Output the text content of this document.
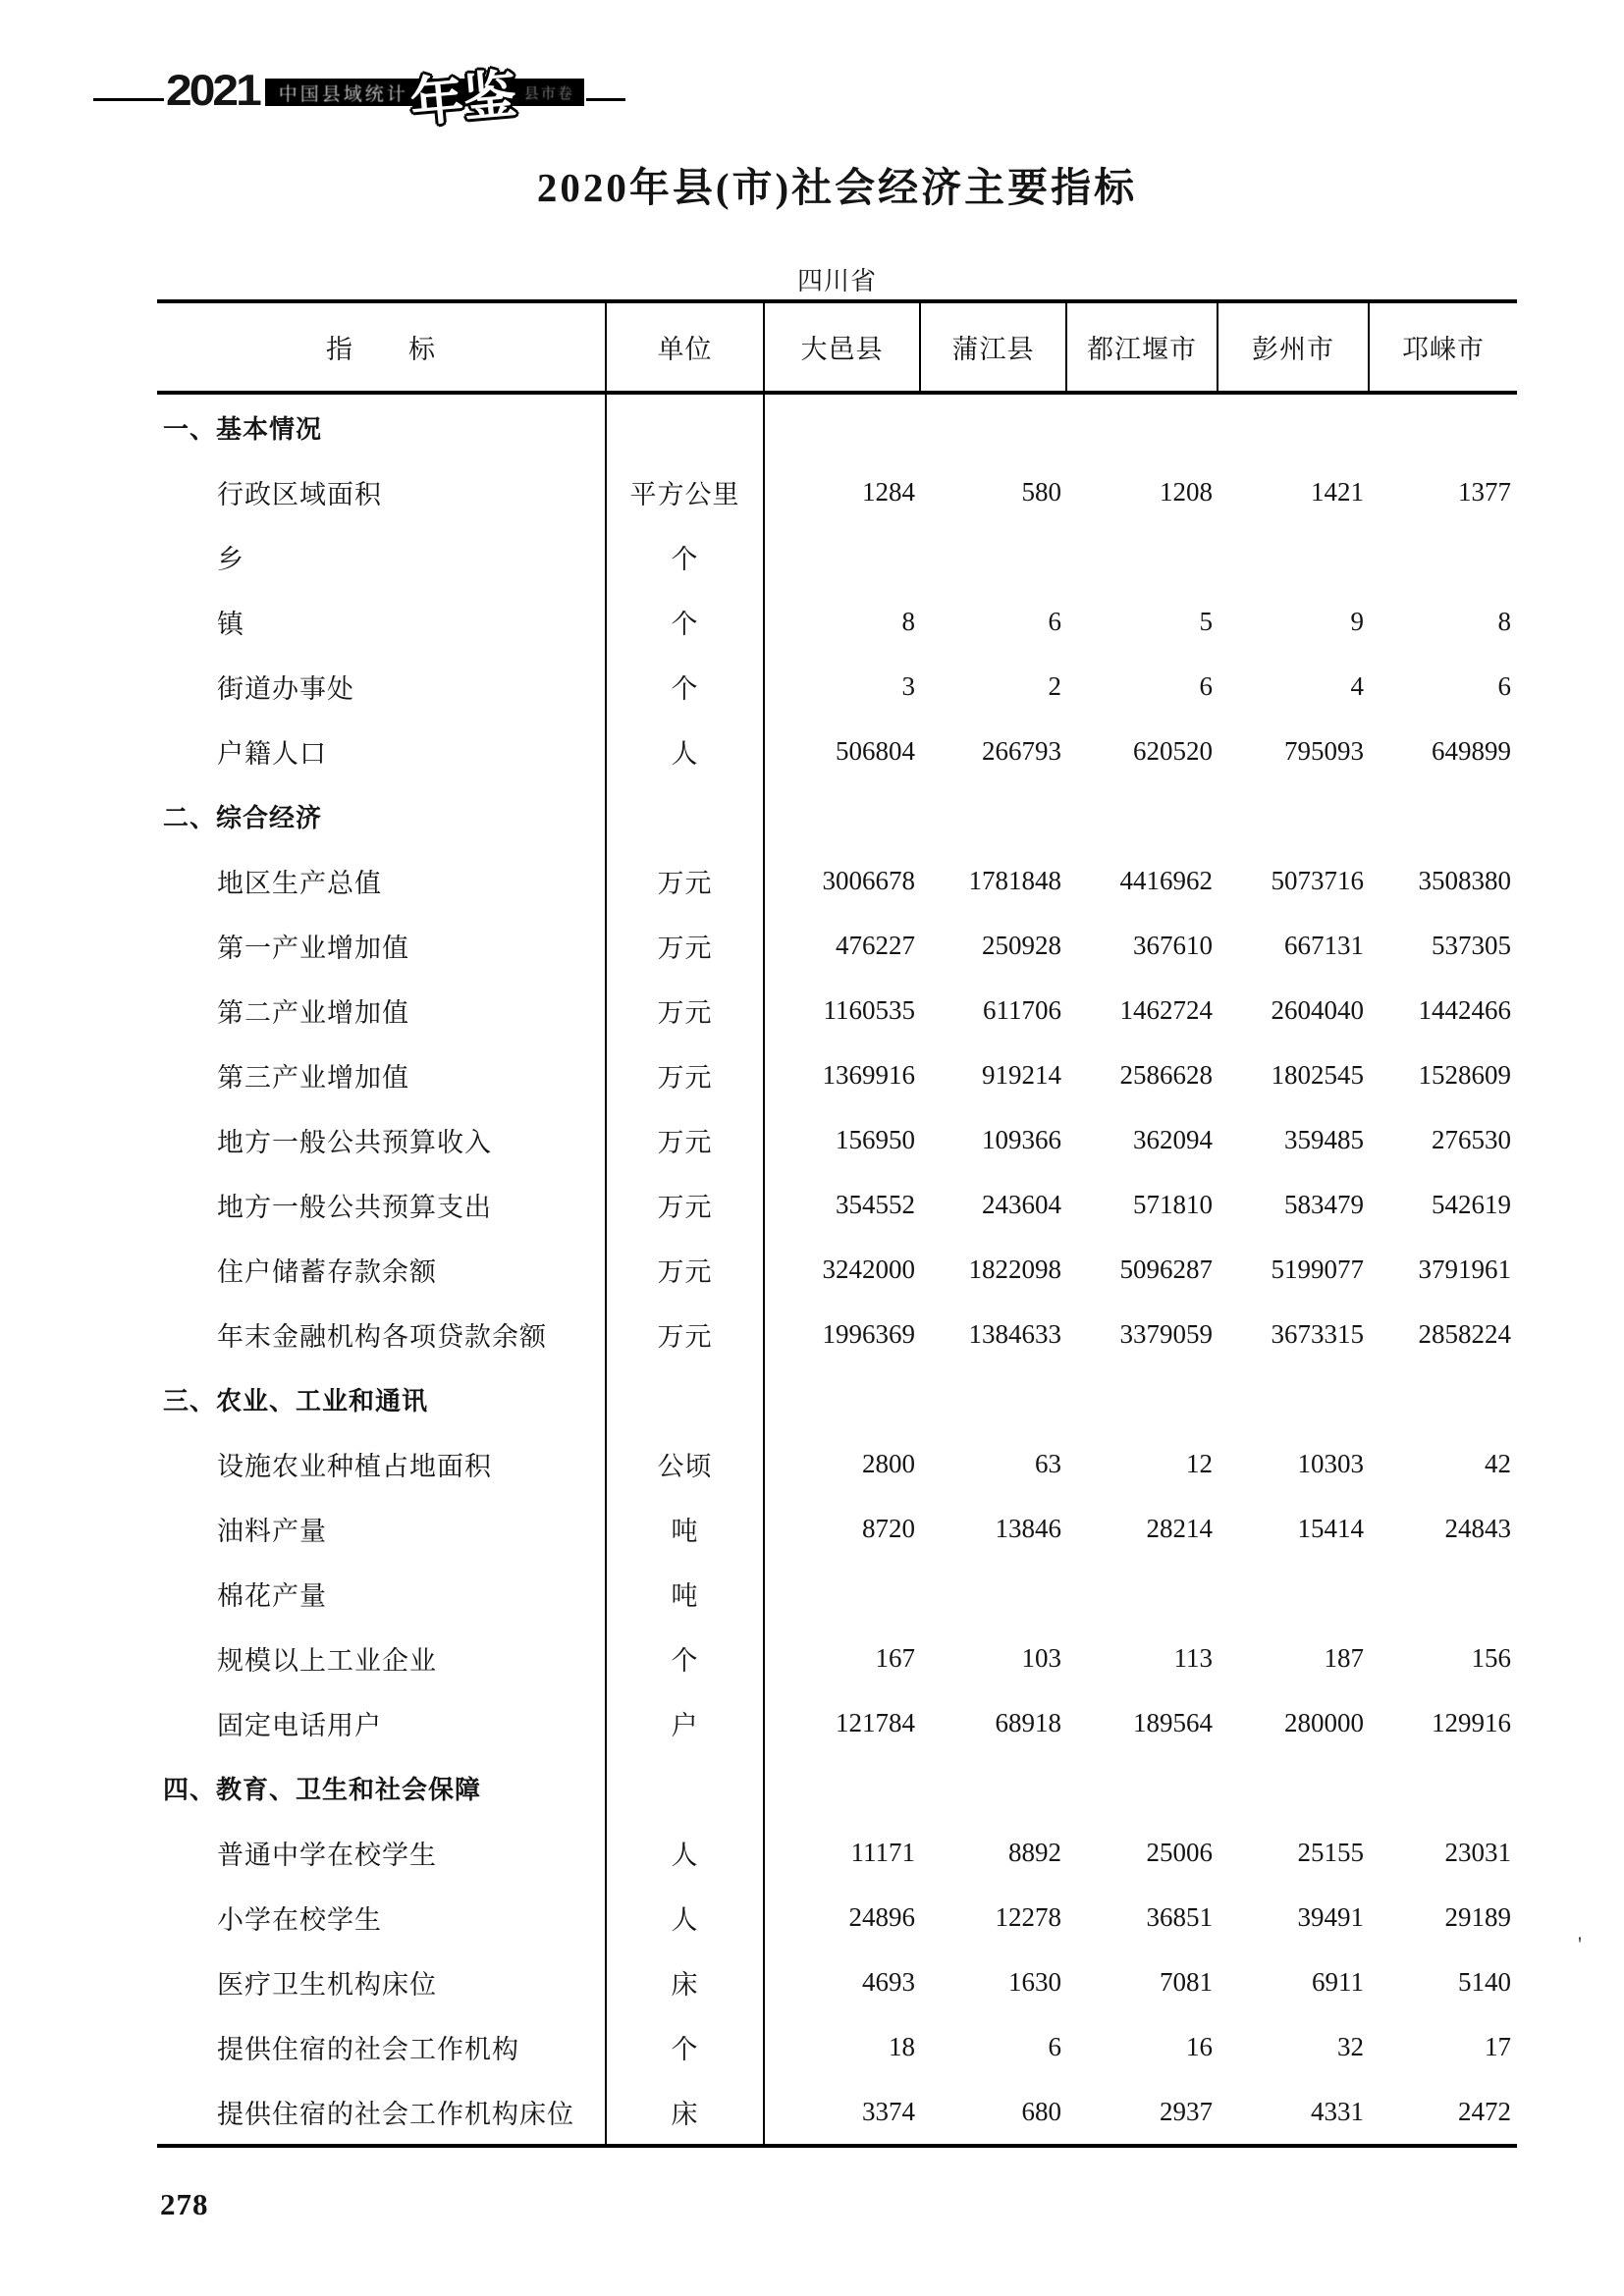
2021 中国县域统计 年鉴 县市卷
2020年县(市)社会经济主要指标
四川省
指　　标	单位	大邑县	蒲江县	都江堰市	彭州市	邛崃市
一、基本情况
行政区域面积	平方公里	1284	580	1208	1421	1377
乡	个
镇	个	8	6	5	9	8
街道办事处	个	3	2	6	4	6
户籍人口	人	506804	266793	620520	795093	649899
二、综合经济
地区生产总值	万元	3006678	1781848	4416962	5073716	3508380
第一产业增加值	万元	476227	250928	367610	667131	537305
第二产业增加值	万元	1160535	611706	1462724	2604040	1442466
第三产业增加值	万元	1369916	919214	2586628	1802545	1528609
地方一般公共预算收入	万元	156950	109366	362094	359485	276530
地方一般公共预算支出	万元	354552	243604	571810	583479	542619
住户储蓄存款余额	万元	3242000	1822098	5096287	5199077	3791961
年末金融机构各项贷款余额	万元	1996369	1384633	3379059	3673315	2858224
三、农业、工业和通讯
设施农业种植占地面积	公顷	2800	63	12	10303	42
油料产量	吨	8720	13846	28214	15414	24843
棉花产量	吨
规模以上工业企业	个	167	103	113	187	156
固定电话用户	户	121784	68918	189564	280000	129916
四、教育、卫生和社会保障
普通中学在校学生	人	11171	8892	25006	25155	23031
小学在校学生	人	24896	12278	36851	39491	29189
医疗卫生机构床位	床	4693	1630	7081	6911	5140
提供住宿的社会工作机构	个	18	6	16	32	17
提供住宿的社会工作机构床位	床	3374	680	2937	4331	2472
278
'
